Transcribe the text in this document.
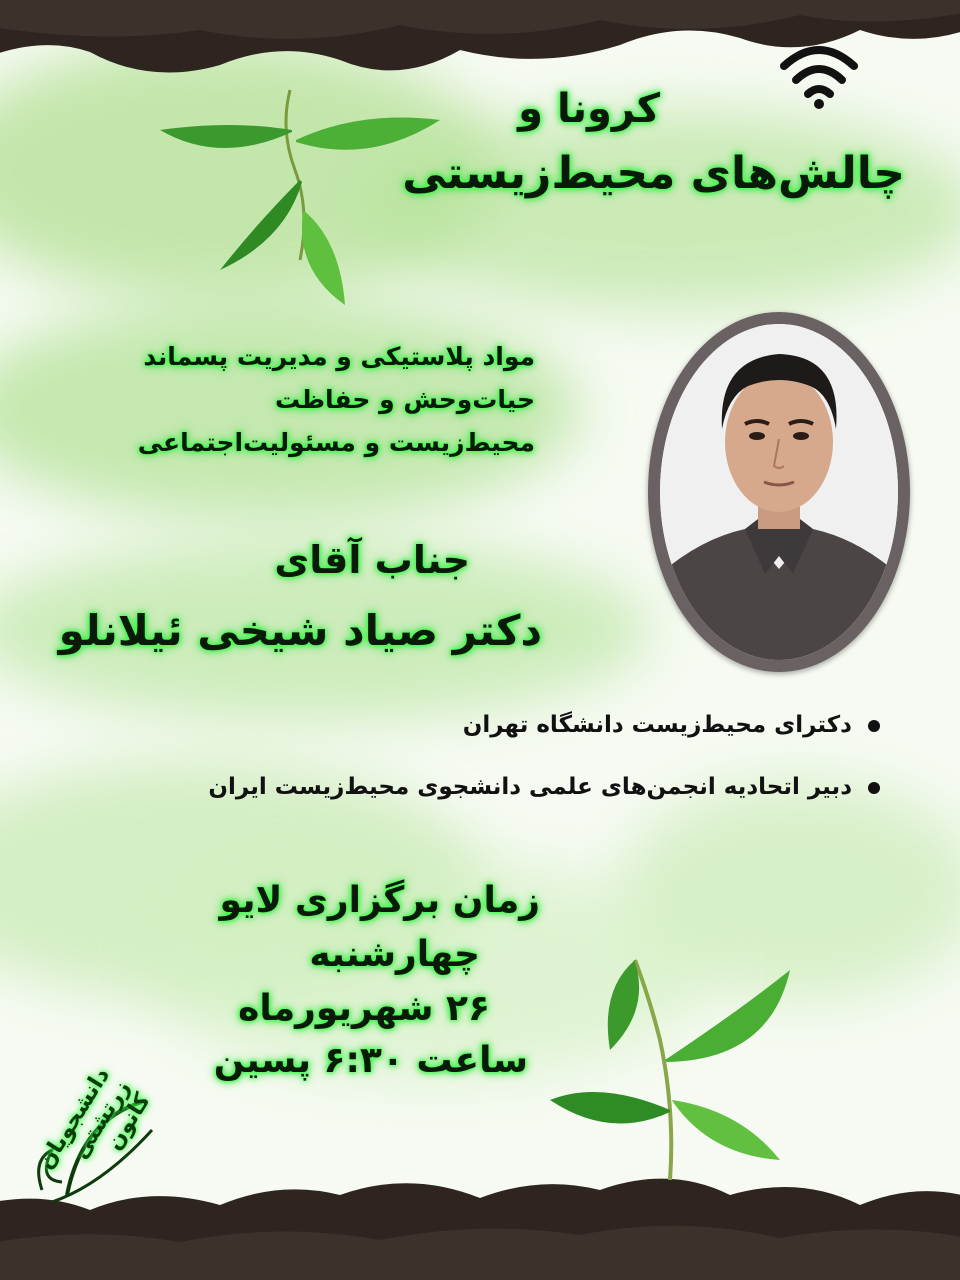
کرونا و
چالش‌های محیط‌زیستی
مواد پلاستیکی و مدیریت پسماند
حیات‌وحش و حفاظت
محیط‌زیست و مسئولیت‌اجتماعی
جناب آقای
دکتر صیاد شیخی ئیلانلو
دکترای محیط‌زیست دانشگاه تهران
دبیر اتحادیه انجمن‌های علمی دانشجوی محیط‌زیست ایران
زمان برگزاری لایو
چهارشنبه
۲۶ شهریورماه
ساعت ۶:۳۰ پسین
دانشجویان زرتشتی کانون
